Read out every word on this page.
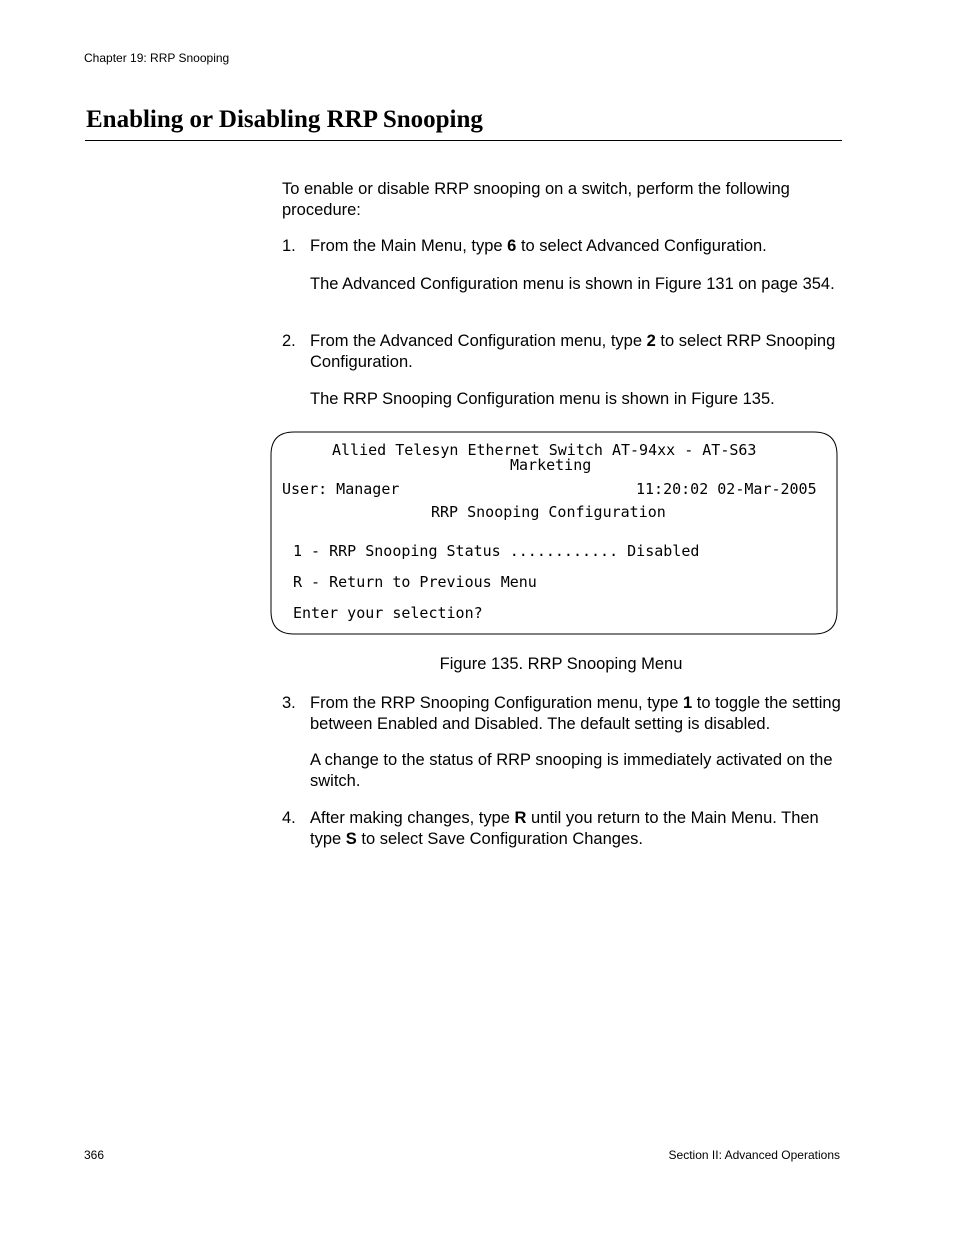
Chapter 19: RRP Snooping
Enabling or Disabling RRP Snooping
To enable or disable RRP snooping on a switch, perform the following procedure:
1. From the Main Menu, type 6 to select Advanced Configuration.
The Advanced Configuration menu is shown in Figure 131 on page 354.
2. From the Advanced Configuration menu, type 2 to select RRP Snooping Configuration.
The RRP Snooping Configuration menu is shown in Figure 135.
Allied Telesyn Ethernet Switch AT-94xx - AT-S63
Marketing
User: Manager	11:20:02 02-Mar-2005
RRP Snooping Configuration
1 - RRP Snooping Status ............ Disabled
R - Return to Previous Menu
Enter your selection?
Figure 135. RRP Snooping Menu
3. From the RRP Snooping Configuration menu, type 1 to toggle the setting between Enabled and Disabled. The default setting is disabled.
A change to the status of RRP snooping is immediately activated on the switch.
4. After making changes, type R until you return to the Main Menu. Then type S to select Save Configuration Changes.
366	Section II: Advanced Operations
